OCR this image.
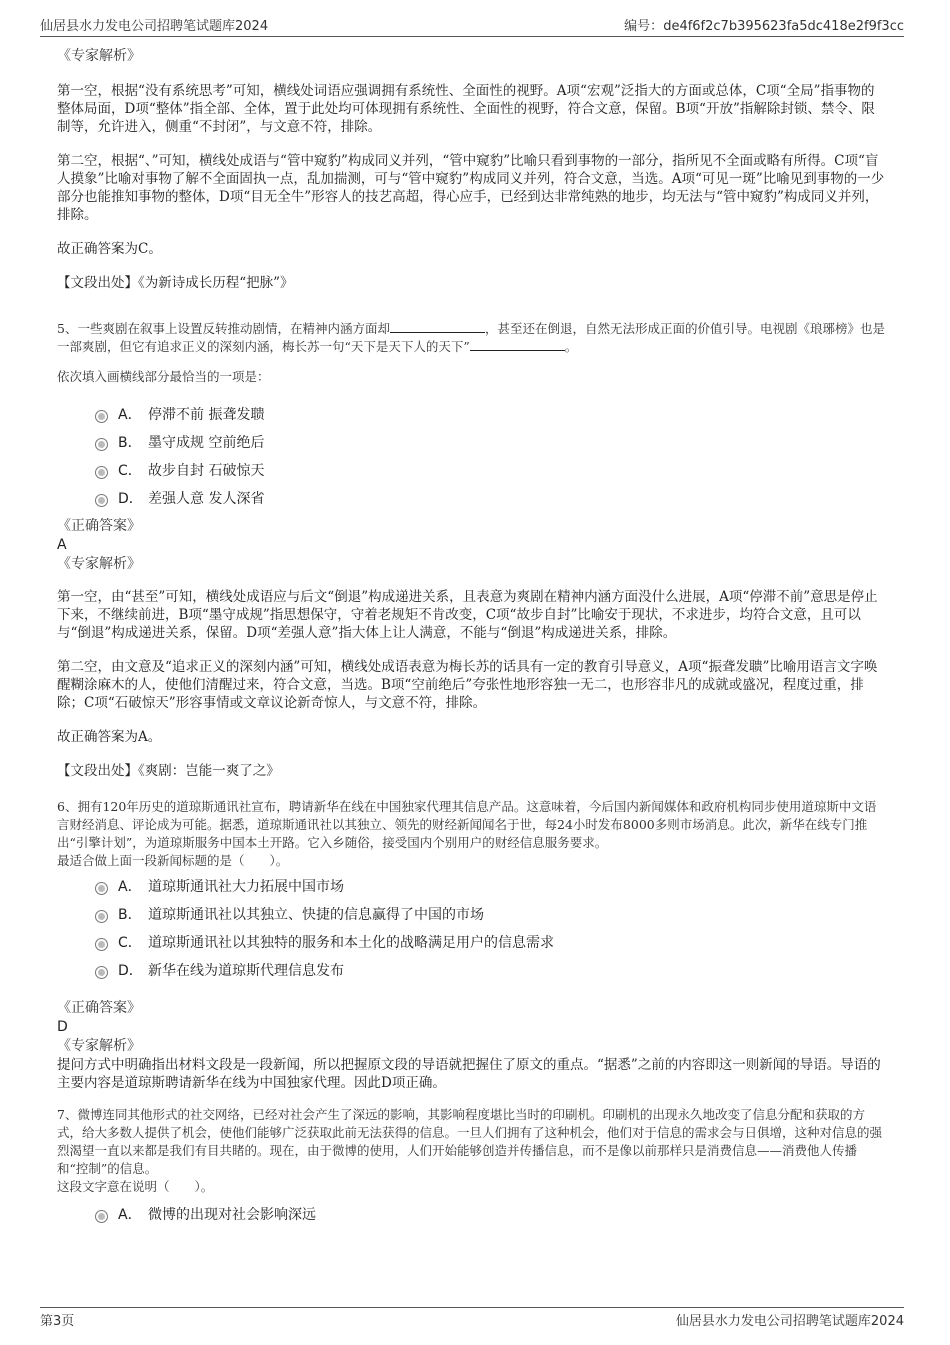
仙居县水力发电公司招聘笔试题库2024	编号：de4f6f2c7b395623fa5dc418e2f9f3cc

《专家解析》

第一空，根据“没有系统思考”可知，横线处词语应强调拥有系统性、全面性的视野。A项“宏观”泛指大的方面或总体，C项“全局”指事物的整体局面，D项“整体”指全部、全体，置于此处均可体现拥有系统性、全面性的视野，符合文意，保留。B项“开放”指解除封锁、禁令、限制等，允许进入，侧重“不封闭”，与文意不符，排除。

第二空，根据“、”可知，横线处成语与“管中窥豹”构成同义并列，“管中窥豹”比喻只看到事物的一部分，指所见不全面或略有所得。C项“盲人摸象”比喻对事物了解不全面固执一点，乱加揣测，可与“管中窥豹”构成同义并列，符合文意，当选。A项“可见一斑”比喻见到事物的一少部分也能推知事物的整体，D项“目无全牛”形容人的技艺高超，得心应手，已经到达非常纯熟的地步，均无法与“管中窥豹”构成同义并列，排除。

故正确答案为C。

【文段出处】《为新诗成长历程“把脉”》

5、一些爽剧在叙事上设置反转推动剧情，在精神内涵方面却	，甚至还在倒退，自然无法形成正面的价值引导。电视剧《琅琊榜》也是一部爽剧，但它有追求正义的深刻内涵，梅长苏一句“天下是天下人的天下”	。

依次填入画横线部分最恰当的一项是：

A． 停滞不前 振聋发聩
B． 墨守成规 空前绝后
C． 故步自封 石破惊天
D． 差强人意 发人深省

《正确答案》

A

《专家解析》

第一空，由“甚至”可知，横线处成语应与后文“倒退”构成递进关系，且表意为爽剧在精神内涵方面没什么进展，A项“停滞不前”意思是停止下来，不继续前进，B项“墨守成规”指思想保守，守着老规矩不肯改变，C项“故步自封”比喻安于现状，不求进步，均符合文意，且可以与“倒退”构成递进关系，保留。D项“差强人意”指大体上让人满意，不能与“倒退”构成递进关系，排除。

第二空，由文意及“追求正义的深刻内涵”可知，横线处成语表意为梅长苏的话具有一定的教育引导意义，A项“振聋发聩”比喻用语言文字唤醒糊涂麻木的人，使他们清醒过来，符合文意，当选。B项“空前绝后”夸张性地形容独一无二，也形容非凡的成就或盛况，程度过重，排除；C项“石破惊天”形容事情或文章议论新奇惊人，与文意不符，排除。

故正确答案为A。

【文段出处】《爽剧：岂能一爽了之》

6、拥有120年历史的道琼斯通讯社宣布，聘请新华在线在中国独家代理其信息产品。这意味着，今后国内新闻媒体和政府机构同步使用道琼斯中文语言财经消息、评论成为可能。据悉，道琼斯通讯社以其独立、领先的财经新闻闻名于世，每24小时发布8000多则市场消息。此次，新华在线专门推出“引擎计划”，为道琼斯服务中国本土开路。它入乡随俗，接受国内个别用户的财经信息服务要求。

最适合做上面一段新闻标题的是（　　）。

A． 道琼斯通讯社大力拓展中国市场
B． 道琼斯通讯社以其独立、快捷的信息赢得了中国的市场
C． 道琼斯通讯社以其独特的服务和本土化的战略满足用户的信息需求
D． 新华在线为道琼斯代理信息发布

《正确答案》

D

《专家解析》

提问方式中明确指出材料文段是一段新闻，所以把握原文段的导语就把握住了原文的重点。“据悉”之前的内容即这一则新闻的导语。导语的主要内容是道琼斯聘请新华在线为中国独家代理。因此D项正确。

7、微博连同其他形式的社交网络，已经对社会产生了深远的影响，其影响程度堪比当时的印刷机。印刷机的出现永久地改变了信息分配和获取的方式，给大多数人提供了机会，使他们能够广泛获取此前无法获得的信息。一旦人们拥有了这种机会，他们对于信息的需求会与日俱增，这种对信息的强烈渴望一直以来都是我们有目共睹的。现在，由于微博的使用，人们开始能够创造并传播信息，而不是像以前那样只是消费信息——消费他人传播和“控制”的信息。

这段文字意在说明（　　）。

A． 微博的出现对社会影响深远
第3页	仙居县水力发电公司招聘笔试题库2024
